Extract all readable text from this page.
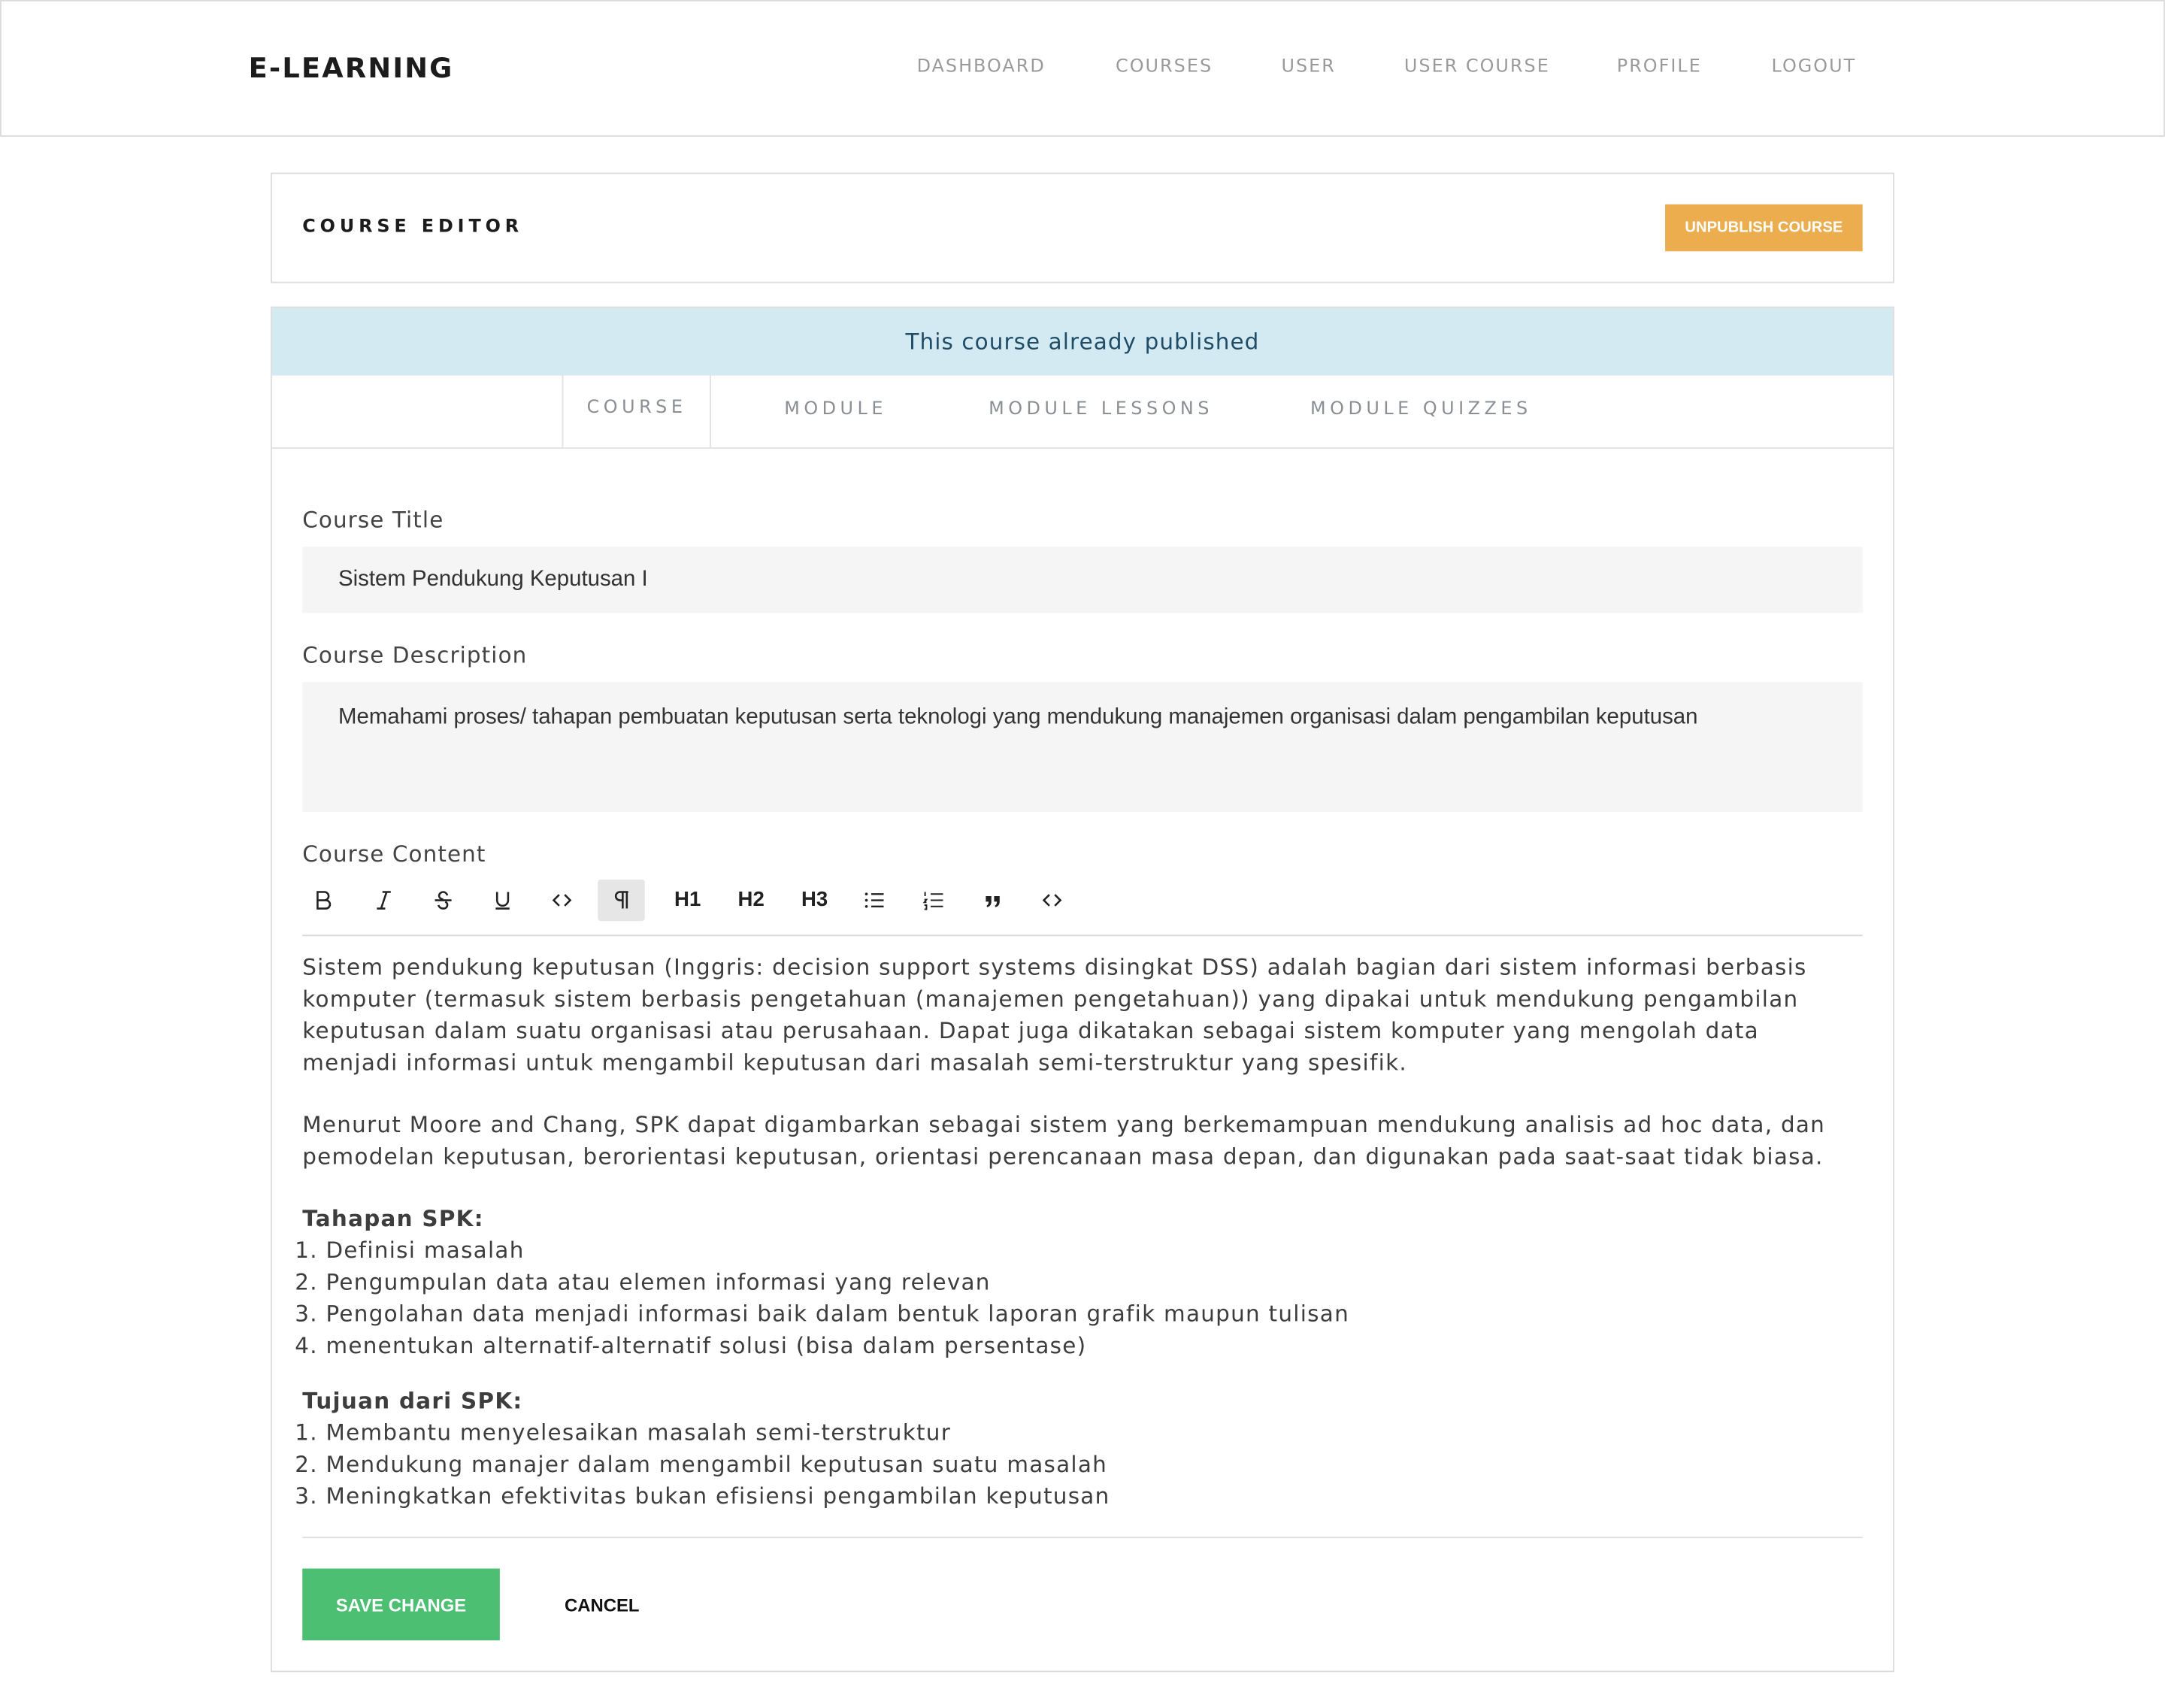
E-LEARNING	DASHBOARD	COURSES	USER	USER COURSE	PROFILE	LOGOUT
COURSE EDITOR	UNPUBLISH COURSE
This course already published
COURSE	MODULE	MODULE LESSONS	MODULE QUIZZES
Course Title
Sistem Pendukung Keputusan I
Course Description
Memahami proses/ tahapan pembuatan keputusan serta teknologi yang mendukung manajemen organisasi dalam pengambilan keputusan
Course Content
H1	H2	H3

Sistem pendukung keputusan (Inggris: decision support systems disingkat DSS) adalah bagian dari sistem informasi berbasis komputer (termasuk sistem berbasis pengetahuan (manajemen pengetahuan)) yang dipakai untuk mendukung pengambilan keputusan dalam suatu organisasi atau perusahaan. Dapat juga dikatakan sebagai sistem komputer yang mengolah data menjadi informasi untuk mengambil keputusan dari masalah semi-terstruktur yang spesifik.

Menurut Moore and Chang, SPK dapat digambarkan sebagai sistem yang berkemampuan mendukung analisis ad hoc data, dan pemodelan keputusan, berorientasi keputusan, orientasi perencanaan masa depan, dan digunakan pada saat-saat tidak biasa.

Tahapan SPK:
1. Definisi masalah
2. Pengumpulan data atau elemen informasi yang relevan
3. Pengolahan data menjadi informasi baik dalam bentuk laporan grafik maupun tulisan
4. menentukan alternatif-alternatif solusi (bisa dalam persentase)
Tujuan dari SPK:
1. Membantu menyelesaikan masalah semi-terstruktur
2. Mendukung manajer dalam mengambil keputusan suatu masalah
3. Meningkatkan efektivitas bukan efisiensi pengambilan keputusan
SAVE CHANGE	CANCEL
